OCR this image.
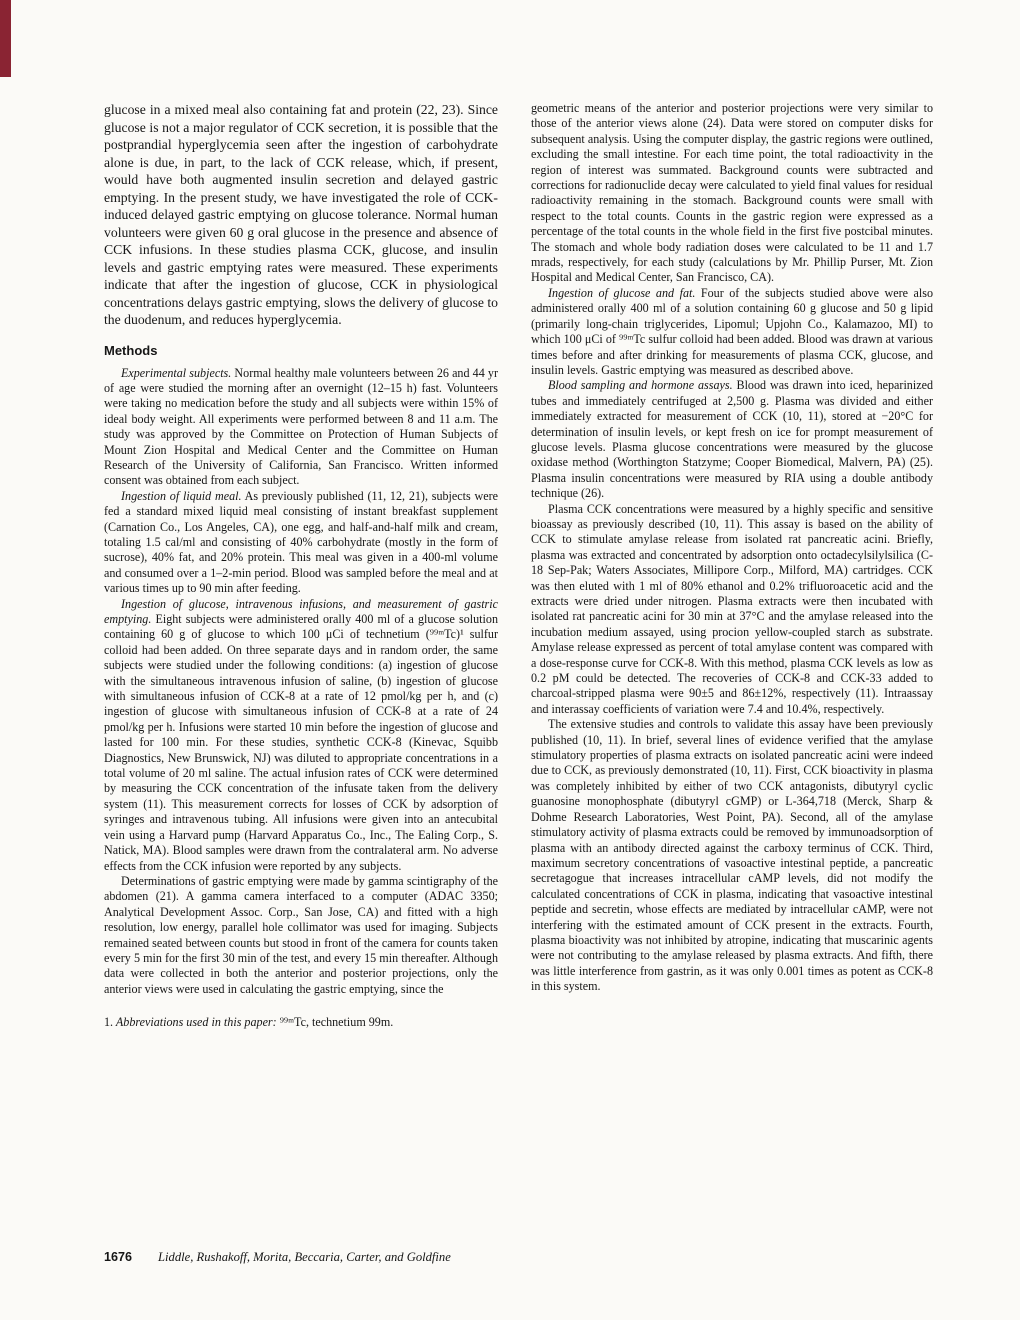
glucose in a mixed meal also containing fat and protein (22, 23). Since glucose is not a major regulator of CCK secretion, it is possible that the postprandial hyperglycemia seen after the ingestion of carbohydrate alone is due, in part, to the lack of CCK release, which, if present, would have both augmented insulin secretion and delayed gastric emptying. In the present study, we have investigated the role of CCK-induced delayed gastric emptying on glucose tolerance. Normal human volunteers were given 60 g oral glucose in the presence and absence of CCK infusions. In these studies plasma CCK, glucose, and insulin levels and gastric emptying rates were measured. These experiments indicate that after the ingestion of glucose, CCK in physiological concentrations delays gastric emptying, slows the delivery of glucose to the duodenum, and reduces hyperglycemia.

Methods

Experimental subjects. Normal healthy male volunteers between 26 and 44 yr of age were studied the morning after an overnight (12–15 h) fast. Volunteers were taking no medication before the study and all subjects were within 15% of ideal body weight. All experiments were performed between 8 and 11 a.m. The study was approved by the Committee on Protection of Human Subjects of Mount Zion Hospital and Medical Center and the Committee on Human Research of the University of California, San Francisco. Written informed consent was obtained from each subject.

Ingestion of liquid meal. As previously published (11, 12, 21), subjects were fed a standard mixed liquid meal consisting of instant breakfast supplement (Carnation Co., Los Angeles, CA), one egg, and half-and-half milk and cream, totaling 1.5 cal/ml and consisting of 40% carbohydrate (mostly in the form of sucrose), 40% fat, and 20% protein. This meal was given in a 400-ml volume and consumed over a 1–2-min period. Blood was sampled before the meal and at various times up to 90 min after feeding.

Ingestion of glucose, intravenous infusions, and measurement of gastric emptying. Eight subjects were administered orally 400 ml of a glucose solution containing 60 g of glucose to which 100 μCi of technetium (⁹⁹ᵐTc)¹ sulfur colloid had been added. On three separate days and in random order, the same subjects were studied under the following conditions: (a) ingestion of glucose with the simultaneous intravenous infusion of saline, (b) ingestion of glucose with simultaneous infusion of CCK-8 at a rate of 12 pmol/kg per h, and (c) ingestion of glucose with simultaneous infusion of CCK-8 at a rate of 24 pmol/kg per h. Infusions were started 10 min before the ingestion of glucose and lasted for 100 min. For these studies, synthetic CCK-8 (Kinevac, Squibb Diagnostics, New Brunswick, NJ) was diluted to appropriate concentrations in a total volume of 20 ml saline. The actual infusion rates of CCK were determined by measuring the CCK concentration of the infusate taken from the delivery system (11). This measurement corrects for losses of CCK by adsorption of syringes and intravenous tubing. All infusions were given into an antecubital vein using a Harvard pump (Harvard Apparatus Co., Inc., The Ealing Corp., S. Natick, MA). Blood samples were drawn from the contralateral arm. No adverse effects from the CCK infusion were reported by any subjects.

Determinations of gastric emptying were made by gamma scintigraphy of the abdomen (21). A gamma camera interfaced to a computer (ADAC 3350; Analytical Development Assoc. Corp., San Jose, CA) and fitted with a high resolution, low energy, parallel hole collimator was used for imaging. Subjects remained seated between counts but stood in front of the camera for counts taken every 5 min for the first 30 min of the test, and every 15 min thereafter. Although data were collected in both the anterior and posterior projections, only the anterior views were used in calculating the gastric emptying, since the

1. Abbreviations used in this paper: ⁹⁹ᵐTc, technetium 99m.

geometric means of the anterior and posterior projections were very similar to those of the anterior views alone (24). Data were stored on computer disks for subsequent analysis. Using the computer display, the gastric regions were outlined, excluding the small intestine. For each time point, the total radioactivity in the region of interest was summated. Background counts were subtracted and corrections for radionuclide decay were calculated to yield final values for residual radioactivity remaining in the stomach. Background counts were small with respect to the total counts. Counts in the gastric region were expressed as a percentage of the total counts in the whole field in the first five postcibal minutes. The stomach and whole body radiation doses were calculated to be 11 and 1.7 mrads, respectively, for each study (calculations by Mr. Phillip Purser, Mt. Zion Hospital and Medical Center, San Francisco, CA).

Ingestion of glucose and fat. Four of the subjects studied above were also administered orally 400 ml of a solution containing 60 g glucose and 50 g lipid (primarily long-chain triglycerides, Lipomul; Upjohn Co., Kalamazoo, MI) to which 100 μCi of ⁹⁹ᵐTc sulfur colloid had been added. Blood was drawn at various times before and after drinking for measurements of plasma CCK, glucose, and insulin levels. Gastric emptying was measured as described above.

Blood sampling and hormone assays. Blood was drawn into iced, heparinized tubes and immediately centrifuged at 2,500 g. Plasma was divided and either immediately extracted for measurement of CCK (10, 11), stored at −20°C for determination of insulin levels, or kept fresh on ice for prompt measurement of glucose levels. Plasma glucose concentrations were measured by the glucose oxidase method (Worthington Statzyme; Cooper Biomedical, Malvern, PA) (25). Plasma insulin concentrations were measured by RIA using a double antibody technique (26).

Plasma CCK concentrations were measured by a highly specific and sensitive bioassay as previously described (10, 11). This assay is based on the ability of CCK to stimulate amylase release from isolated rat pancreatic acini. Briefly, plasma was extracted and concentrated by adsorption onto octadecylsilylsilica (C-18 Sep-Pak; Waters Associates, Millipore Corp., Milford, MA) cartridges. CCK was then eluted with 1 ml of 80% ethanol and 0.2% trifluoroacetic acid and the extracts were dried under nitrogen. Plasma extracts were then incubated with isolated rat pancreatic acini for 30 min at 37°C and the amylase released into the incubation medium assayed, using procion yellow-coupled starch as substrate. Amylase release expressed as percent of total amylase content was compared with a dose-response curve for CCK-8. With this method, plasma CCK levels as low as 0.2 pM could be detected. The recoveries of CCK-8 and CCK-33 added to charcoal-stripped plasma were 90±5 and 86±12%, respectively (11). Intraassay and interassay coefficients of variation were 7.4 and 10.4%, respectively.

The extensive studies and controls to validate this assay have been previously published (10, 11). In brief, several lines of evidence verified that the amylase stimulatory properties of plasma extracts on isolated pancreatic acini were indeed due to CCK, as previously demonstrated (10, 11). First, CCK bioactivity in plasma was completely inhibited by either of two CCK antagonists, dibutyryl cyclic guanosine monophosphate (dibutyryl cGMP) or L-364,718 (Merck, Sharp & Dohme Research Laboratories, West Point, PA). Second, all of the amylase stimulatory activity of plasma extracts could be removed by immunoadsorption of plasma with an antibody directed against the carboxy terminus of CCK. Third, maximum secretory concentrations of vasoactive intestinal peptide, a pancreatic secretagogue that increases intracellular cAMP levels, did not modify the calculated concentrations of CCK in plasma, indicating that vasoactive intestinal peptide and secretin, whose effects are mediated by intracellular cAMP, were not interfering with the estimated amount of CCK present in the extracts. Fourth, plasma bioactivity was not inhibited by atropine, indicating that muscarinic agents were not contributing to the amylase released by plasma extracts. And fifth, there was little interference from gastrin, as it was only 0.001 times as potent as CCK-8 in this system.

1676 Liddle, Rushakoff, Morita, Beccaria, Carter, and Goldfine
